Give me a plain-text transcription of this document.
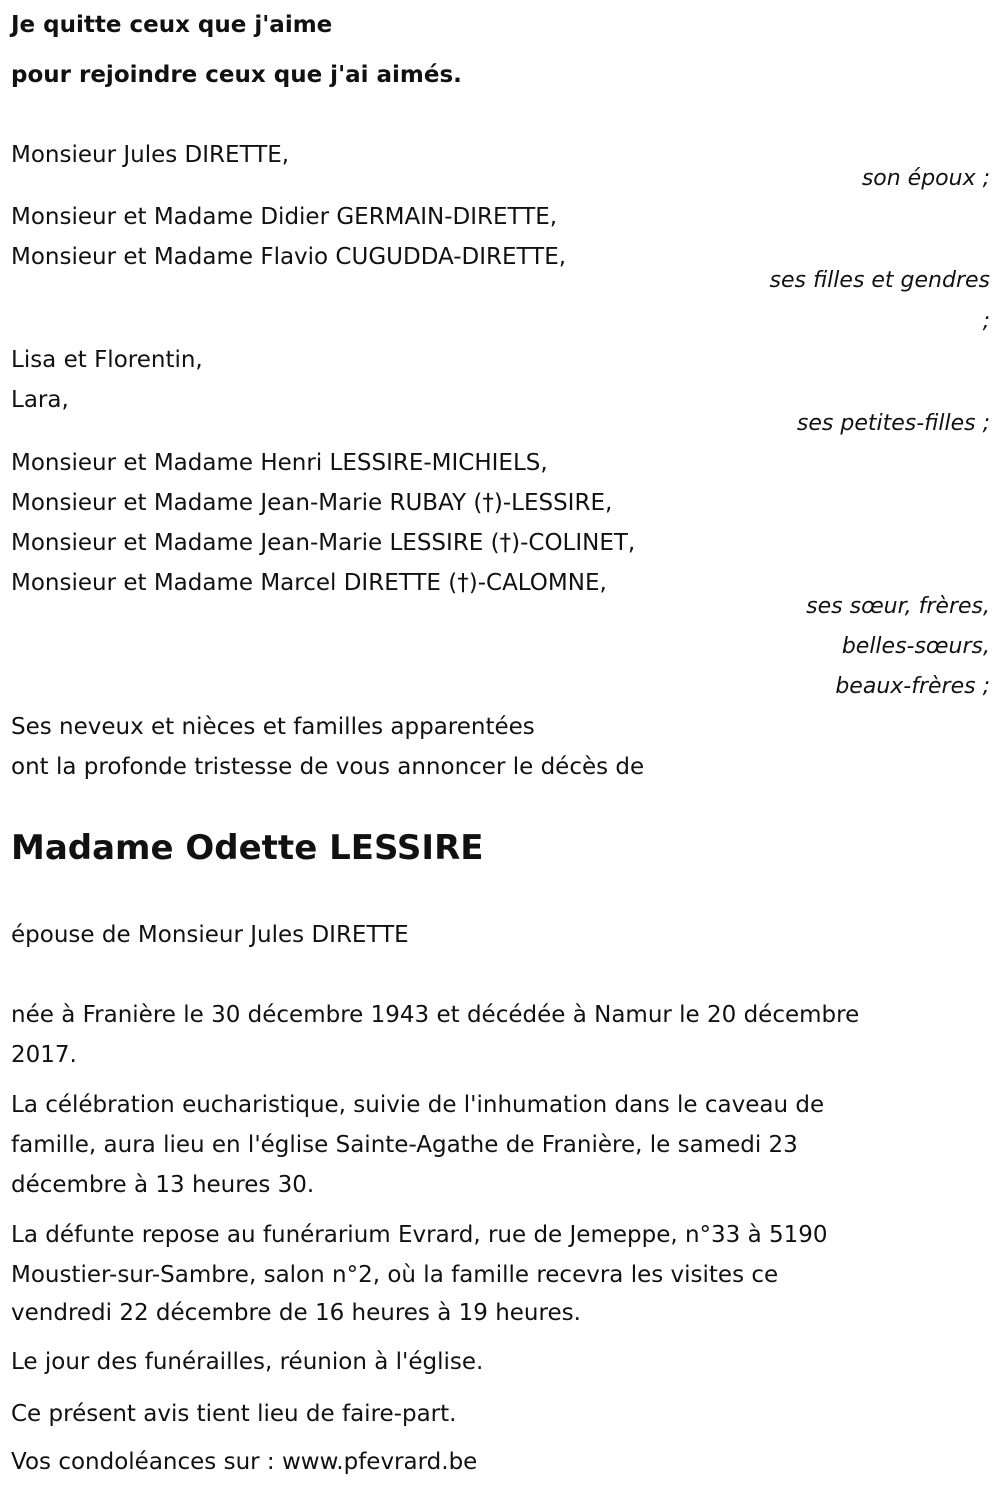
Je quitte ceux que j'aime
pour rejoindre ceux que j'ai aimés.
Monsieur Jules DIRETTE,
son époux ;
Monsieur et Madame Didier GERMAIN-DIRETTE,
Monsieur et Madame Flavio CUGUDDA-DIRETTE,
ses filles et gendres
;
Lisa et Florentin,
Lara,
ses petites-filles ;
Monsieur et Madame Henri LESSIRE-MICHIELS,
Monsieur et Madame Jean-Marie RUBAY (†)-LESSIRE,
Monsieur et Madame Jean-Marie LESSIRE (†)-COLINET,
Monsieur et Madame Marcel DIRETTE (†)-CALOMNE,
ses sœur, frères,
belles-sœurs,
beaux-frères ;
Ses neveux et nièces et familles apparentées
ont la profonde tristesse de vous annoncer le décès de
Madame Odette LESSIRE
épouse de Monsieur Jules DIRETTE
née à Franière le 30 décembre 1943 et décédée à Namur le 20 décembre
2017.
La célébration eucharistique, suivie de l'inhumation dans le caveau de
famille, aura lieu en l'église Sainte-Agathe de Franière, le samedi 23
décembre à 13 heures 30.
La défunte repose au funérarium Evrard, rue de Jemeppe, n°33 à 5190
Moustier-sur-Sambre, salon n°2, où la famille recevra les visites ce
vendredi 22 décembre de 16 heures à 19 heures.
Le jour des funérailles, réunion à l'église.
Ce présent avis tient lieu de faire-part.
Vos condoléances sur : www.pfevrard.be
